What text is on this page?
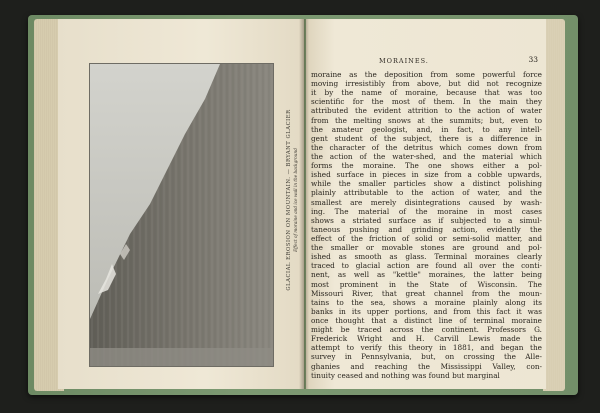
GLACIAL EROSION ON MOUNTAIN. — BRYANT GLACIER Effect of moraine and ice wall in the background
MORAINES.	33
moraine as the deposition from some powerful force
moving irresistibly from above, but did not recognize
it by the name of moraine, because that was too
scientific for the most of them. In the main they
attributed the evident attrition to the action of water
from the melting snows at the summits; but, even to
the amateur geologist, and, in fact, to any intell-
gent student of the subject, there is a difference in
the character of the detritus which comes down from
the action of the water-shed, and the material which
forms the moraine. The one shows either a pol-
ished surface in pieces in size from a cobble upwards,
while the smaller particles show a distinct polishing
plainly attributable to the action of water, and the
smallest are merely disintegrations caused by wash-
ing. The material of the moraine in most cases
shows a striated surface as if subjected to a simul-
taneous pushing and grinding action, evidently the
effect of the friction of solid or semi-solid matter, and
the smaller or movable stones are ground and pol-
ished as smooth as glass. Terminal moraines clearly
traced to glacial action are found all over the conti-
nent, as well as "kettle" moraines, the latter being
most prominent in the State of Wisconsin. The
Missouri River, that great channel from the moun-
tains to the sea, shows a moraine plainly along its
banks in its upper portions, and from this fact it was
once thought that a distinct line of terminal moraine
might be traced across the continent. Professors G.
Frederick Wright and H. Carvill Lewis made the
attempt to verify this theory in 1881, and began the
survey in Pennsylvania, but, on crossing the Alle-
ghanies and reaching the Mississippi Valley, con-
tinuity ceased and nothing was found but marginal
